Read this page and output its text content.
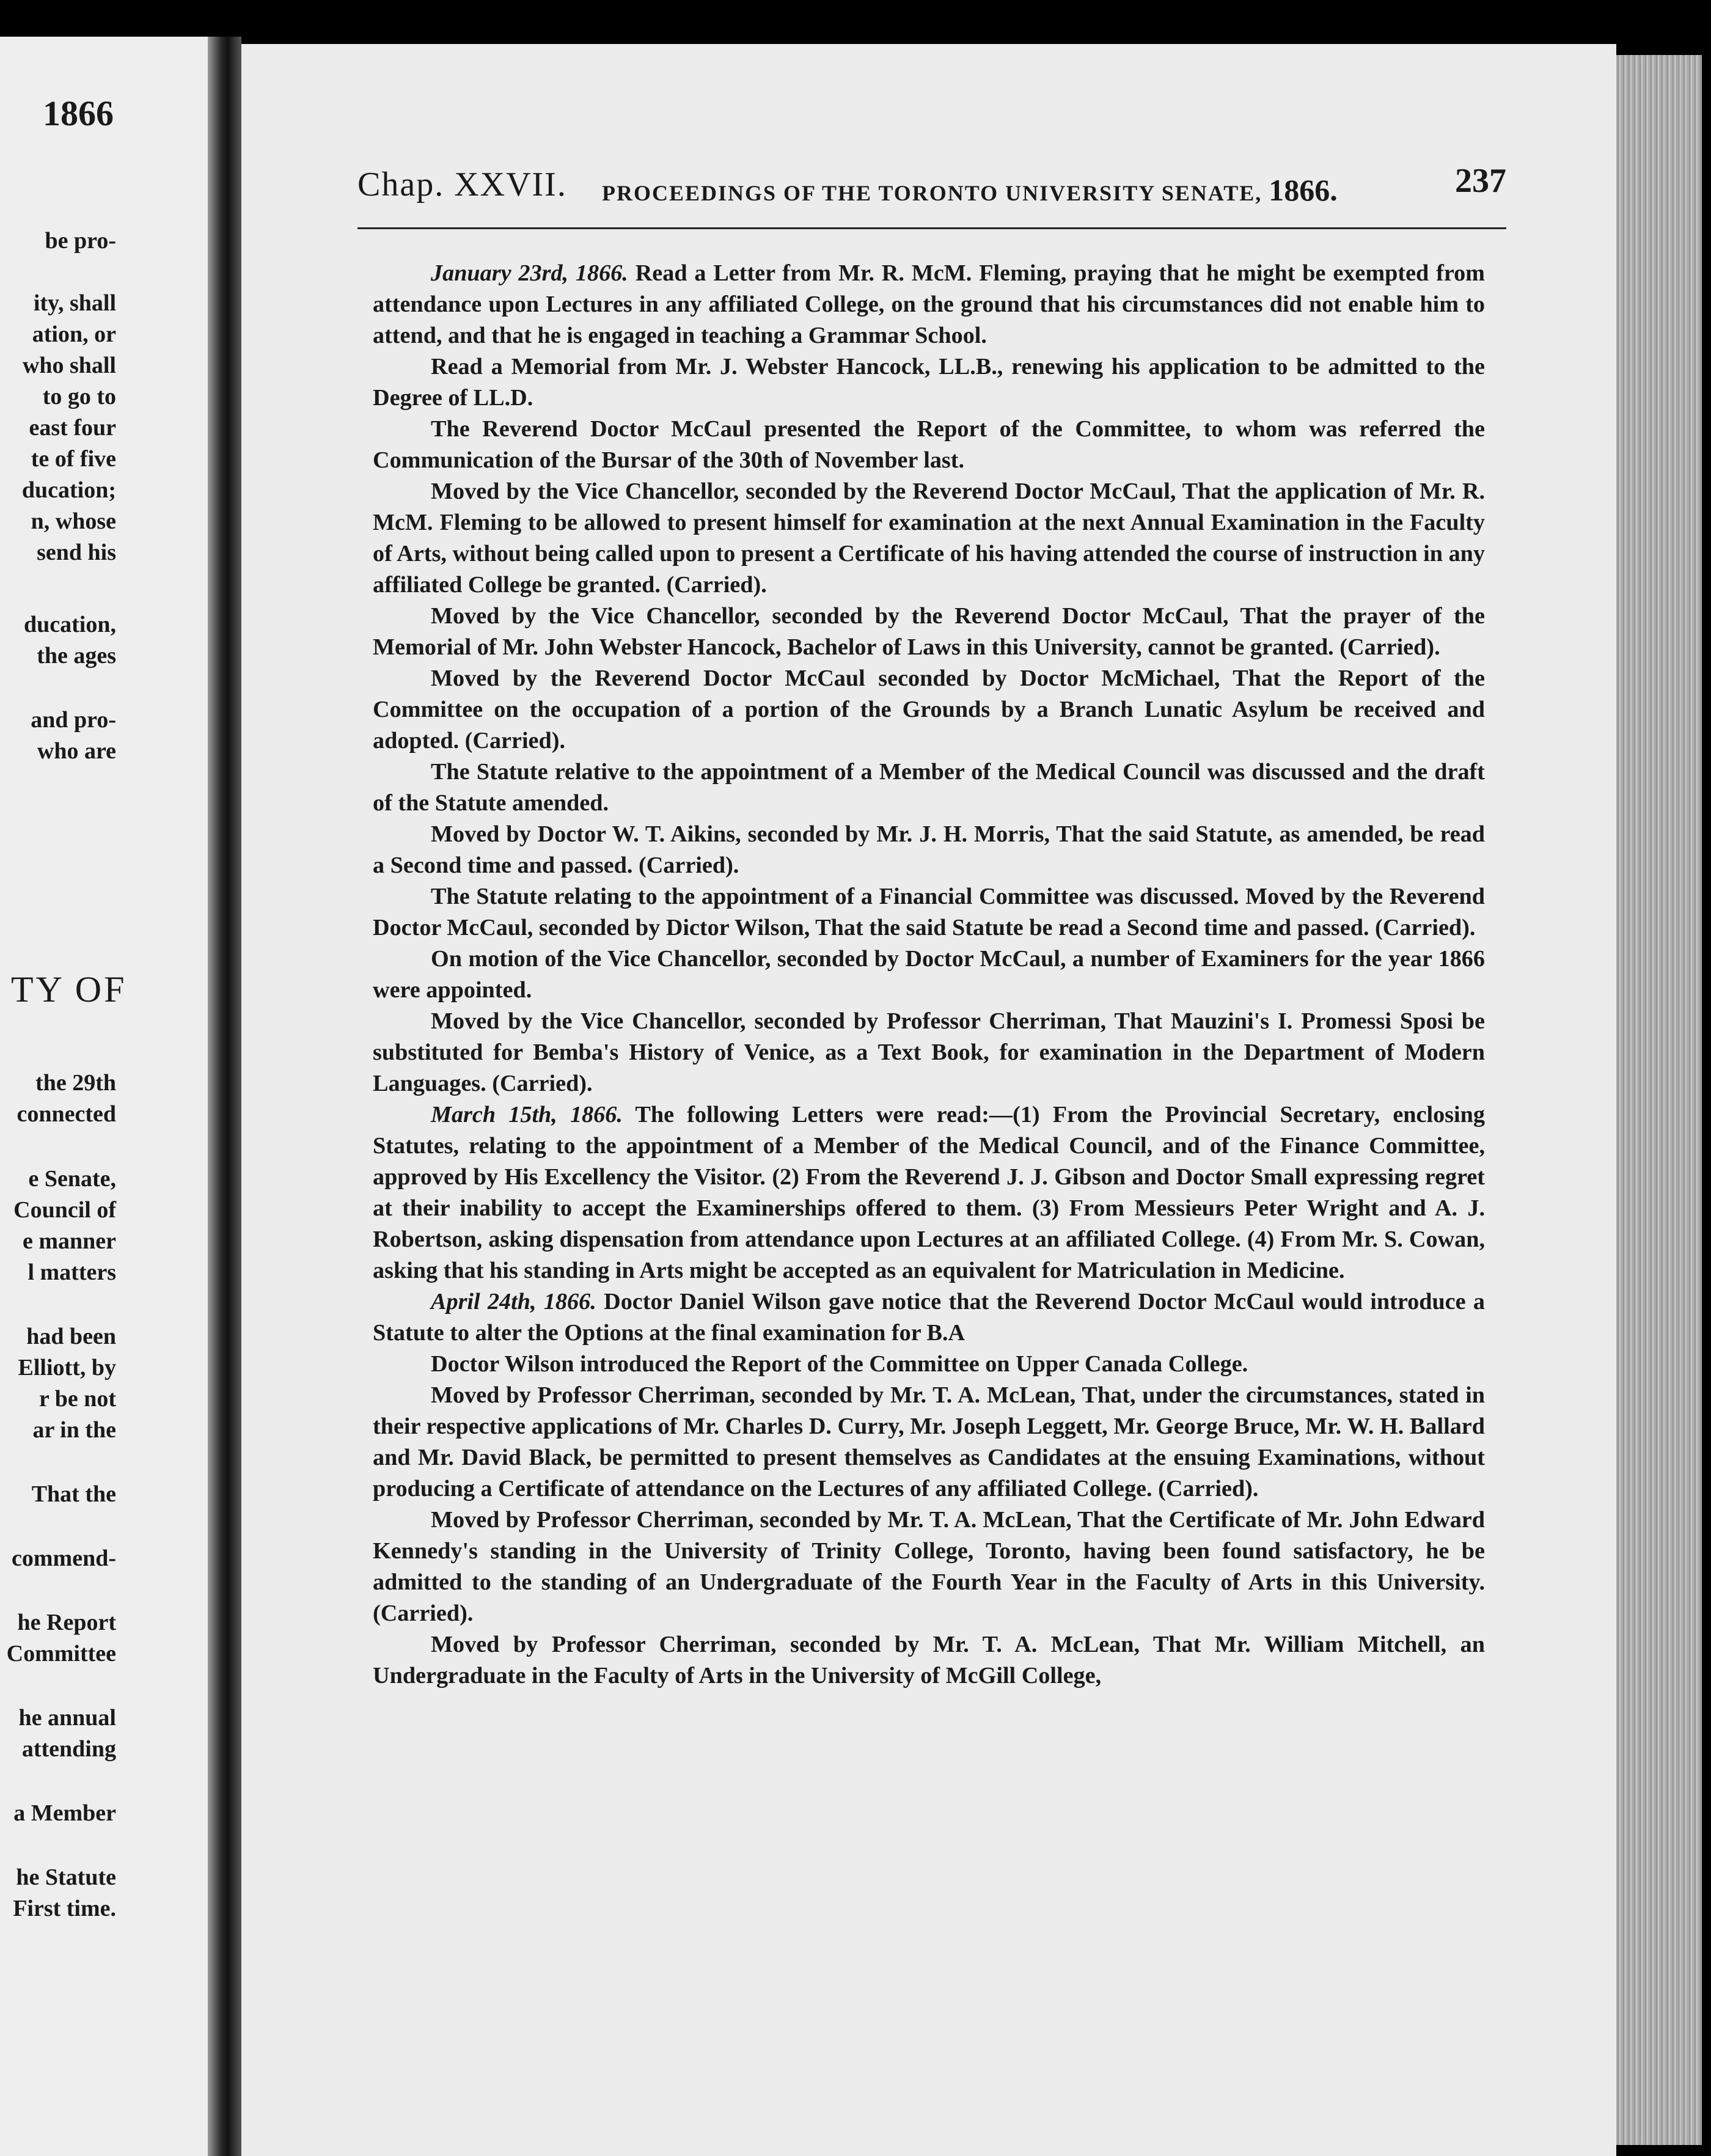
1866
be pro-
ity, shall
ation, or
who shall
to go to
east four
te of five
ducation;
n, whose
send his
ducation,
the ages
and pro-
who are
TY OF
the 29th
connected
e Senate,
Council of
e manner
l matters
had been
Elliott, by
r be not
ar in the
That the
commend-
he Report
Committee
he annual
attending
a Member
he Statute
First time.
Chap. XXVII. PROCEEDINGS OF THE TORONTO UNIVERSITY SENATE, 1866.	237

January 23rd, 1866. Read a Letter from Mr. R. McM. Fleming, praying that he might be exempted from attendance upon Lectures in any affiliated College, on the ground that his circumstances did not enable him to attend, and that he is engaged in teaching a Grammar School.

Read a Memorial from Mr. J. Webster Hancock, LL.B., renewing his application to be admitted to the Degree of LL.D.

The Reverend Doctor McCaul presented the Report of the Committee, to whom was referred the Communication of the Bursar of the 30th of November last.

Moved by the Vice Chancellor, seconded by the Reverend Doctor McCaul, That the application of Mr. R. McM. Fleming to be allowed to present himself for examination at the next Annual Examination in the Faculty of Arts, without being called upon to present a Certificate of his having attended the course of instruction in any affiliated College be granted. (Carried).

Moved by the Vice Chancellor, seconded by the Reverend Doctor McCaul, That the prayer of the Memorial of Mr. John Webster Hancock, Bachelor of Laws in this University, cannot be granted. (Carried).

Moved by the Reverend Doctor McCaul seconded by Doctor McMichael, That the Report of the Committee on the occupation of a portion of the Grounds by a Branch Lunatic Asylum be received and adopted. (Carried).

The Statute relative to the appointment of a Member of the Medical Council was discussed and the draft of the Statute amended.

Moved by Doctor W. T. Aikins, seconded by Mr. J. H. Morris, That the said Statute, as amended, be read a Second time and passed. (Carried).

The Statute relating to the appointment of a Financial Committee was discussed. Moved by the Reverend Doctor McCaul, seconded by Dictor Wilson, That the said Statute be read a Second time and passed. (Carried).

On motion of the Vice Chancellor, seconded by Doctor McCaul, a number of Examiners for the year 1866 were appointed.

Moved by the Vice Chancellor, seconded by Professor Cherriman, That Mauzini's I. Promessi Sposi be substituted for Bemba's History of Venice, as a Text Book, for examination in the Department of Modern Languages. (Carried).

March 15th, 1866. The following Letters were read:—(1) From the Provincial Secretary, enclosing Statutes, relating to the appointment of a Member of the Medical Council, and of the Finance Committee, approved by His Excellency the Visitor. (2) From the Reverend J. J. Gibson and Doctor Small expressing regret at their inability to accept the Examinerships offered to them. (3) From Messieurs Peter Wright and A. J. Robertson, asking dispensation from attendance upon Lectures at an affiliated College. (4) From Mr. S. Cowan, asking that his standing in Arts might be accepted as an equivalent for Matriculation in Medicine.

April 24th, 1866. Doctor Daniel Wilson gave notice that the Reverend Doctor McCaul would introduce a Statute to alter the Options at the final examination for B.A

Doctor Wilson introduced the Report of the Committee on Upper Canada College.

Moved by Professor Cherriman, seconded by Mr. T. A. McLean, That, under the circumstances, stated in their respective applications of Mr. Charles D. Curry, Mr. Joseph Leggett, Mr. George Bruce, Mr. W. H. Ballard and Mr. David Black, be permitted to present themselves as Candidates at the ensuing Examinations, without producing a Certificate of attendance on the Lectures of any affiliated College. (Carried).

Moved by Professor Cherriman, seconded by Mr. T. A. McLean, That the Certificate of Mr. John Edward Kennedy's standing in the University of Trinity College, Toronto, having been found satisfactory, he be admitted to the standing of an Undergraduate of the Fourth Year in the Faculty of Arts in this University. (Carried).

Moved by Professor Cherriman, seconded by Mr. T. A. McLean, That Mr. William Mitchell, an Undergraduate in the Faculty of Arts in the University of McGill College,
